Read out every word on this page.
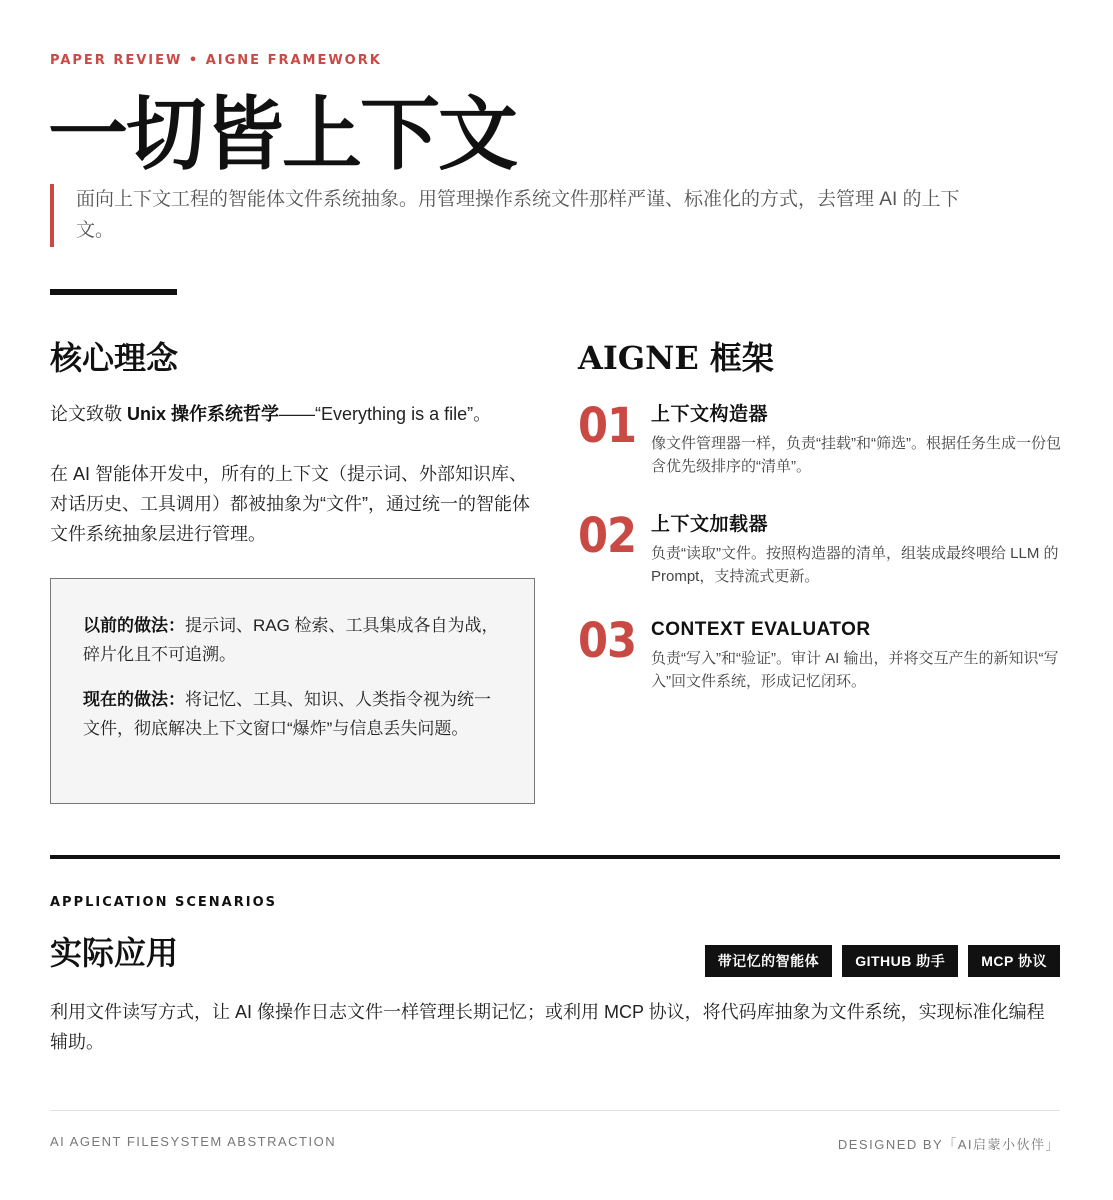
PAPER REVIEW • AIGNE FRAMEWORK
一切皆上下文
面向上下文工程的智能体文件系统抽象。用管理操作系统文件那样严谨、标准化的方式，去管理 AI 的上下文。
核心理念

论文致敬 Unix 操作系统哲学——“Everything is a file”。

在 AI 智能体开发中，所有的上下文（提示词、外部知识库、对话历史、工具调用）都被抽象为“文件”，通过统一的智能体文件系统抽象层进行管理。

以前的做法：提示词、RAG 检索、工具集成各自为战，碎片化且不可追溯。

现在的做法：将记忆、工具、知识、人类指令视为统一文件，彻底解决上下文窗口“爆炸”与信息丢失问题。

AIGNE 框架
01 上下文构造器
像文件管理器一样，负责“挂载”和“筛选”。根据任务生成一份包含优先级排序的“清单”。
02 上下文加载器
负责“读取”文件。按照构造器的清单，组装成最终喂给 LLM 的 Prompt，支持流式更新。
03 CONTEXT EVALUATOR
负责“写入”和“验证”。审计 AI 输出，并将交互产生的新知识“写入”回文件系统，形成记忆闭环。
APPLICATION SCENARIOS
实际应用	带记忆的智能体	GITHUB 助手	MCP 协议

利用文件读写方式，让 AI 像操作日志文件一样管理长期记忆；或利用 MCP 协议，将代码库抽象为文件系统，实现标准化编程辅助。

AI AGENT FILESYSTEM ABSTRACTION	DESIGNED BY「AI启蒙小伙伴」
